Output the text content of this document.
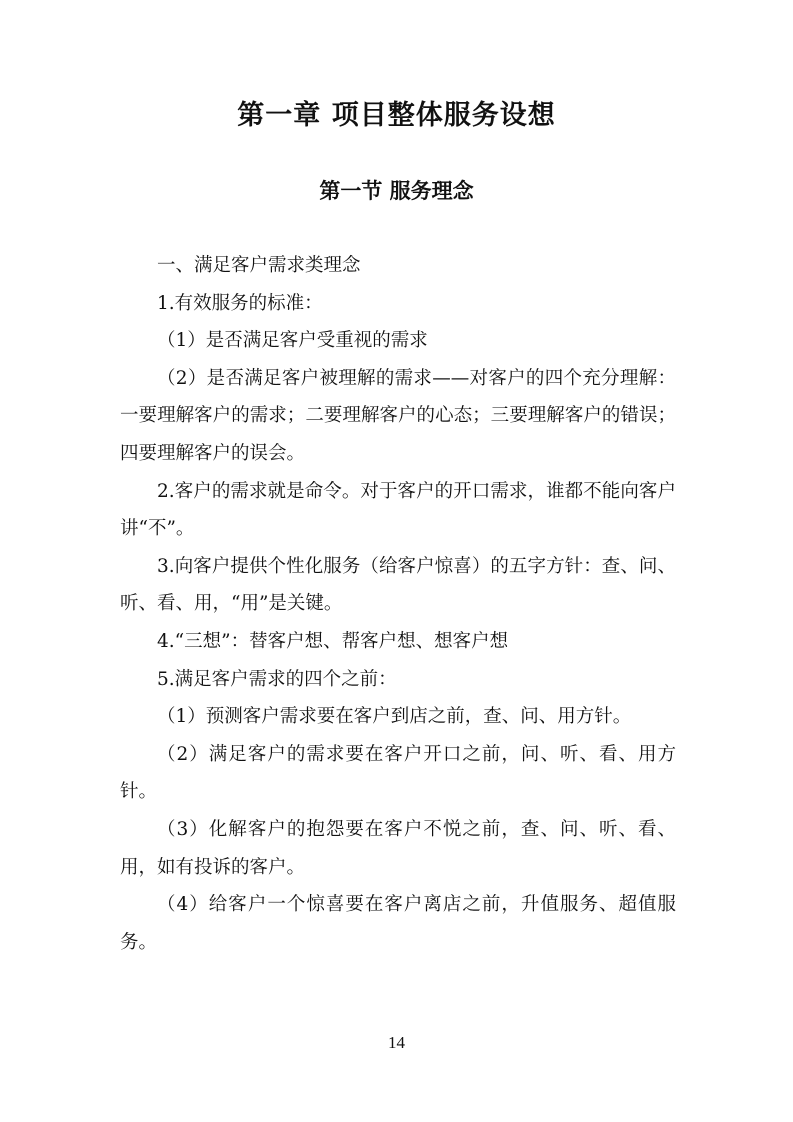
第一章 项目整体服务设想
第一节 服务理念

一、满足客户需求类理念

1.有效服务的标准：

（1）是否满足客户受重视的需求

（2）是否满足客户被理解的需求——对客户的四个充分理解：一要理解客户的需求；二要理解客户的心态；三要理解客户的错误；四要理解客户的误会。

2.客户的需求就是命令。对于客户的开口需求，谁都不能向客户讲“不”。

3.向客户提供个性化服务（给客户惊喜）的五字方针：查、问、听、看、用，“用”是关键。

4.“三想”：替客户想、帮客户想、想客户想

5.满足客户需求的四个之前：

（1）预测客户需求要在客户到店之前，查、问、用方针。

（2）满足客户的需求要在客户开口之前，问、听、看、用方针。

（3）化解客户的抱怨要在客户不悦之前，查、问、听、看、用，如有投诉的客户。

（4）给客户一个惊喜要在客户离店之前，升值服务、超值服务。

14
